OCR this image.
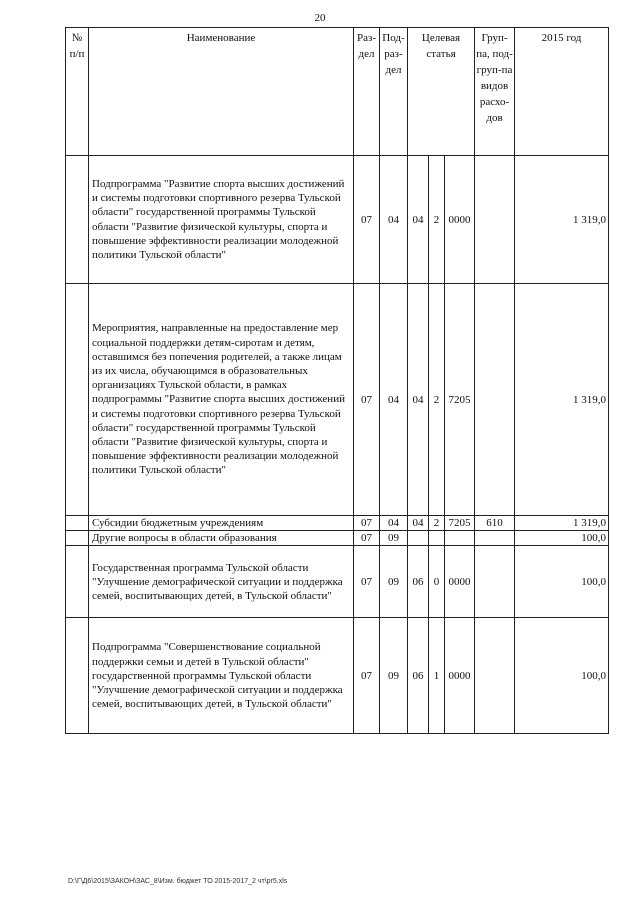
20
№ п/п	Наименование	Раз-дел	Под-раз-дел	Целевая статья			Груп-па, под-груп-па видов расхо-дов	2015 год
	Подпрограмма "Развитие спорта высших достижений и системы подготовки спортивного резерва Тульской области" государственной программы Тульской области "Развитие физической культуры, спорта и повышение эффективности реализации молодежной политики Тульской области"	07	04	04	2	0000		1 319,0
	Мероприятия, направленные на предоставление мер социальной поддержки детям-сиротам и детям, оставшимся без попечения родителей, а также лицам из их числа, обучающимся в образовательных организациях Тульской области, в рамках подпрограммы "Развитие спорта высших достижений и системы подготовки спортивного резерва Тульской области" государственной программы Тульской области "Развитие физической культуры, спорта и повышение эффективности реализации молодежной политики Тульской области"	07	04	04	2	7205		1 319,0
	Субсидии бюджетным учреждениям	07	04	04	2	7205	610	1 319,0
	Другие вопросы в области образования	07	09					100,0
	Государственная программа Тульской области "Улучшение демографической ситуации и поддержка семей, воспитывающих детей, в Тульской области"	07	09	06	0	0000		100,0
	Подпрограмма "Совершенствование социальной поддержки семьи и детей в Тульской области" государственной программы Тульской области "Улучшение демографической ситуации и поддержка семей, воспитывающих детей, в Тульской области"	07	09	06	1	0000		100,0
D:\Г\Д6\2015\ЗАКОН\ЗАС_8\Изм. бюджет ТО 2015-2017_2 чт\pr5.xls
